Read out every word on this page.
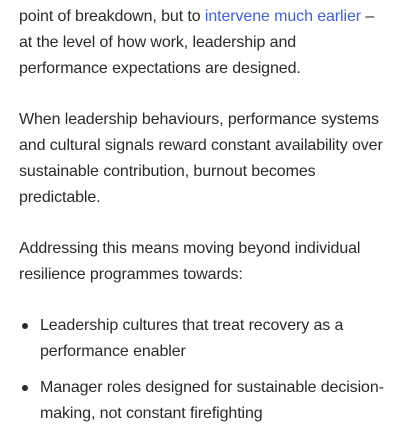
point of breakdown, but to intervene much earlier – at the level of how work, leadership and performance expectations are designed.

When leadership behaviours, performance systems and cultural signals reward constant availability over sustainable contribution, burnout becomes predictable.

Addressing this means moving beyond individual resilience programmes towards:

Leadership cultures that treat recovery as a performance enabler
Manager roles designed for sustainable decision-making, not constant firefighting
